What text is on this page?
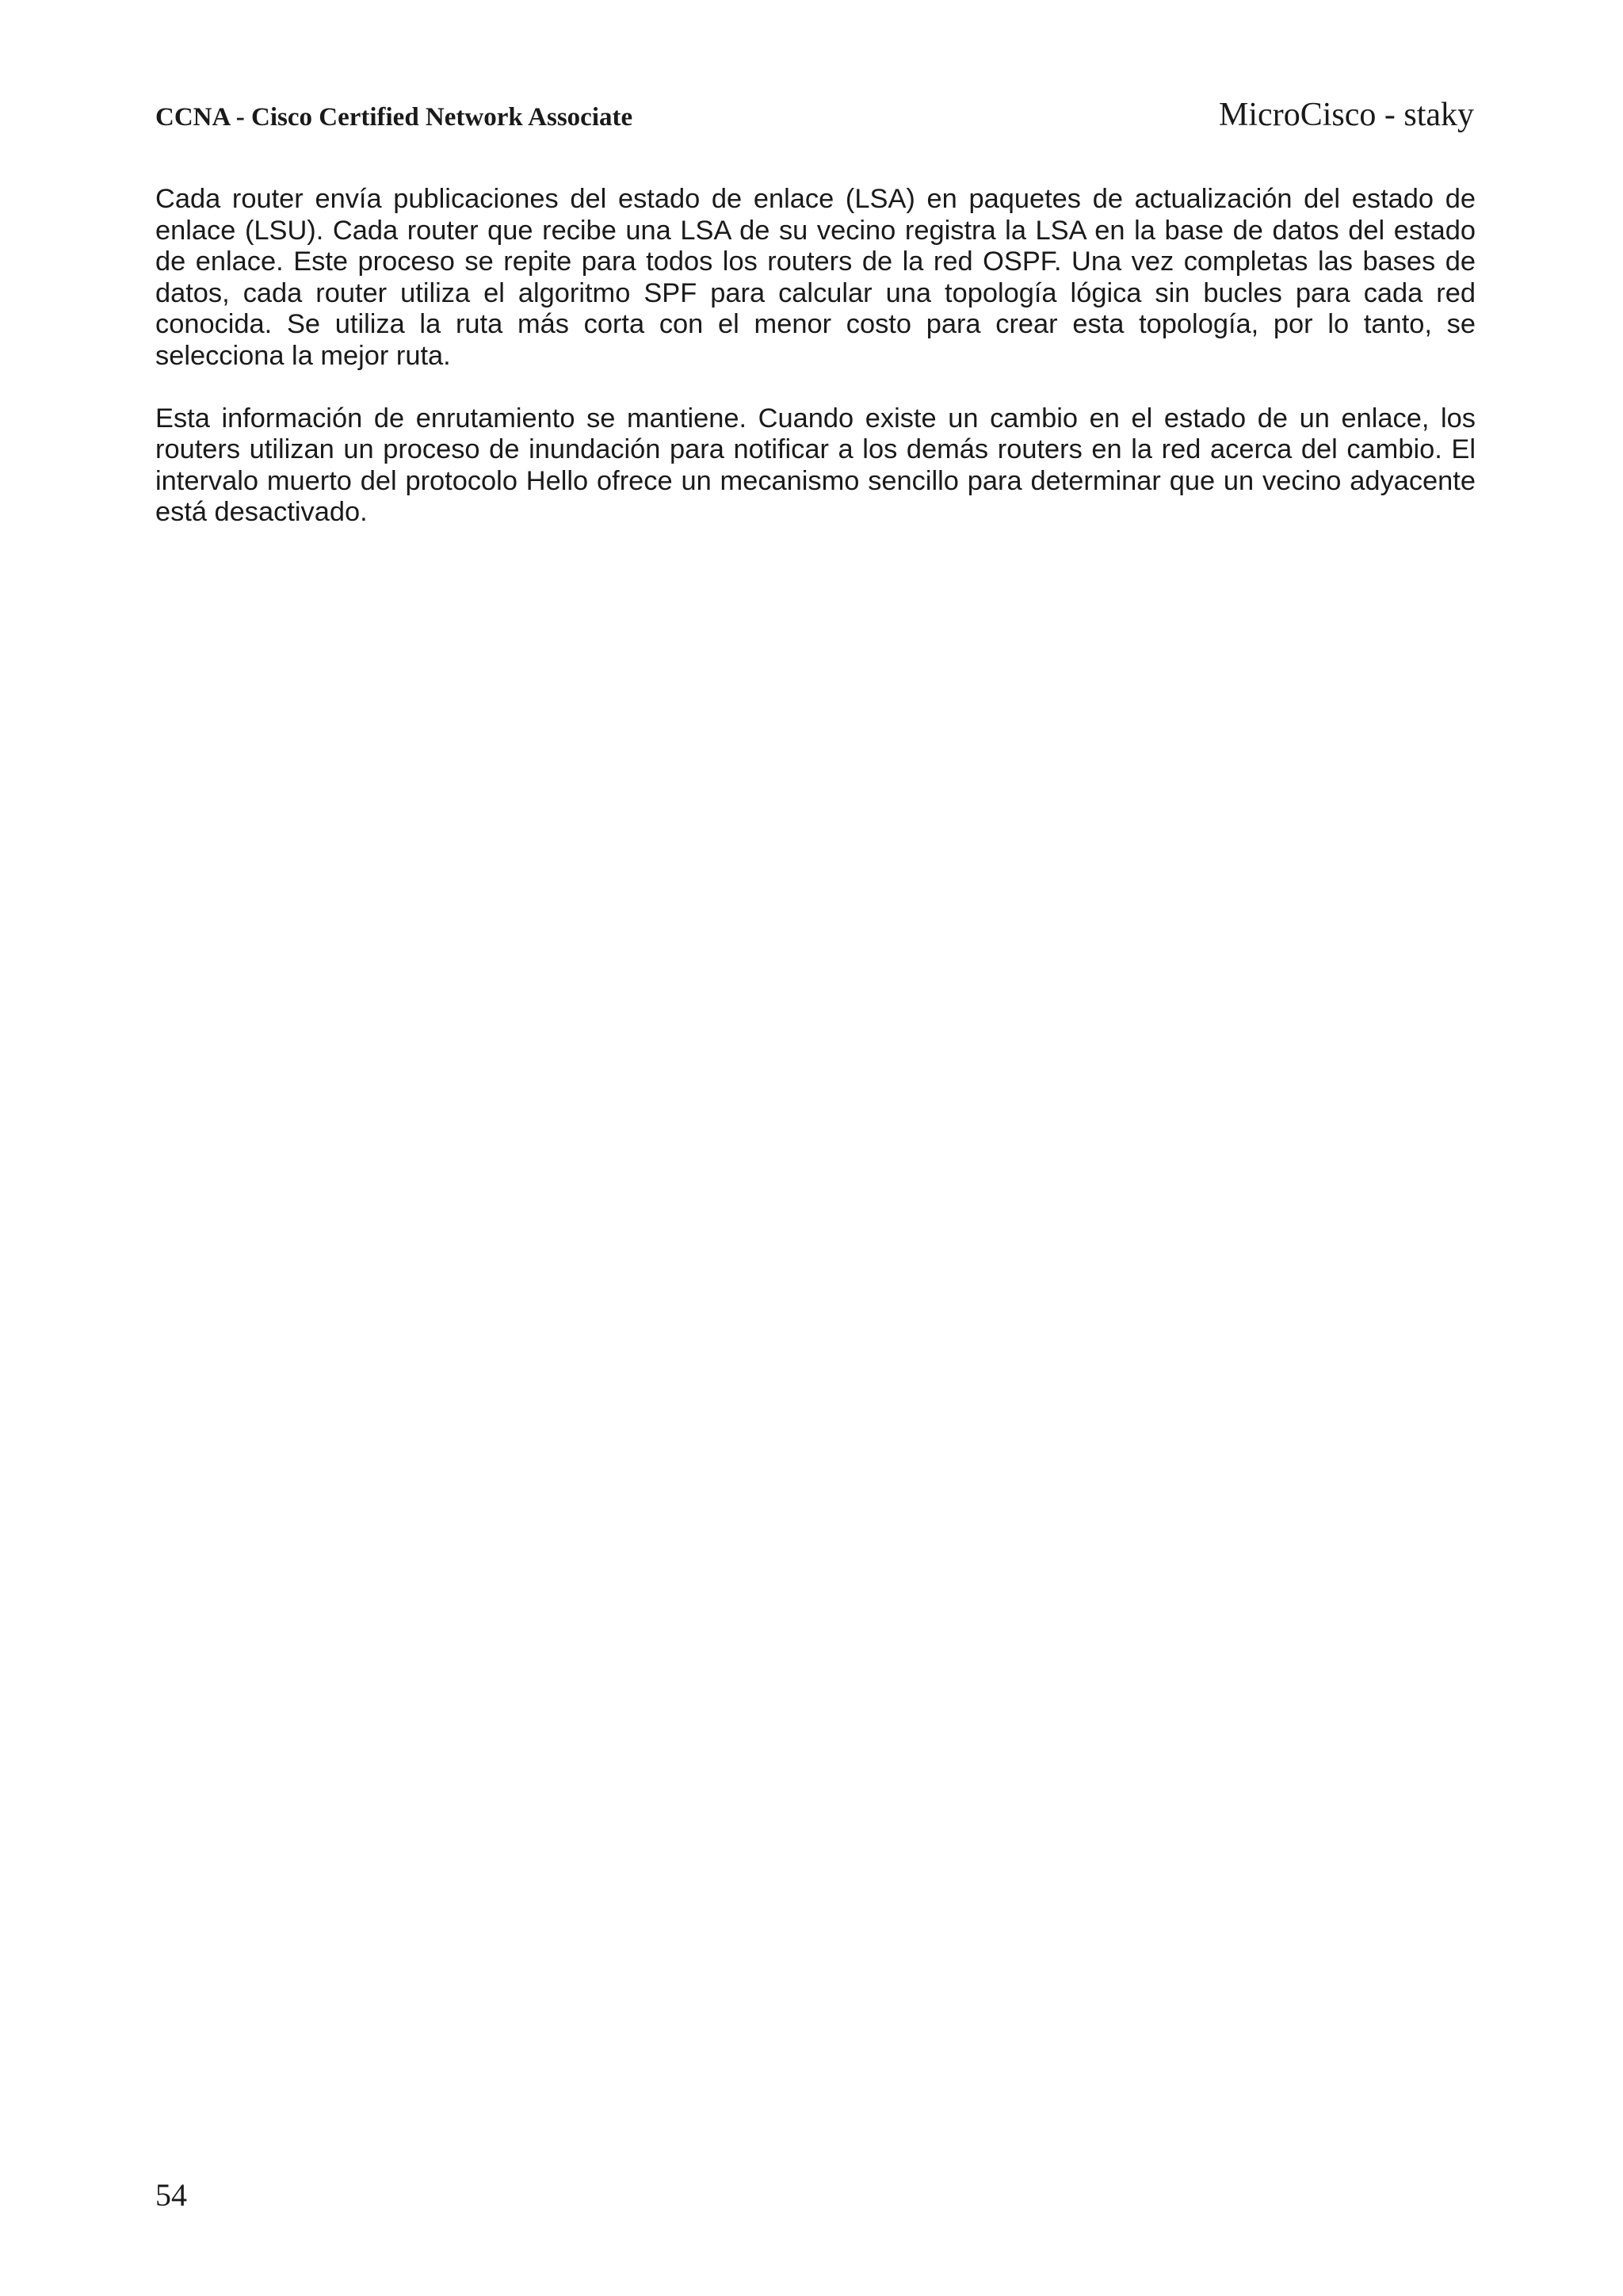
CCNA - Cisco Certified Network Associate	MicroCisco - staky

Cada router envía publicaciones del estado de enlace (LSA) en paquetes de actualización del estado de enlace (LSU). Cada router que recibe una LSA de su vecino registra la LSA en la base de datos del estado de enlace. Este proceso se repite para todos los routers de la red OSPF. Una vez completas las bases de datos, cada router utiliza el algoritmo SPF para calcular una topología lógica sin bucles para cada red conocida. Se utiliza la ruta más corta con el menor costo para crear esta topología, por lo tanto, se selecciona la mejor ruta.

Esta información de enrutamiento se mantiene. Cuando existe un cambio en el estado de un enlace, los routers utilizan un proceso de inundación para notificar a los demás routers en la red acerca del cambio. El intervalo muerto del protocolo Hello ofrece un mecanismo sencillo para determinar que un vecino adyacente está desactivado.

54
